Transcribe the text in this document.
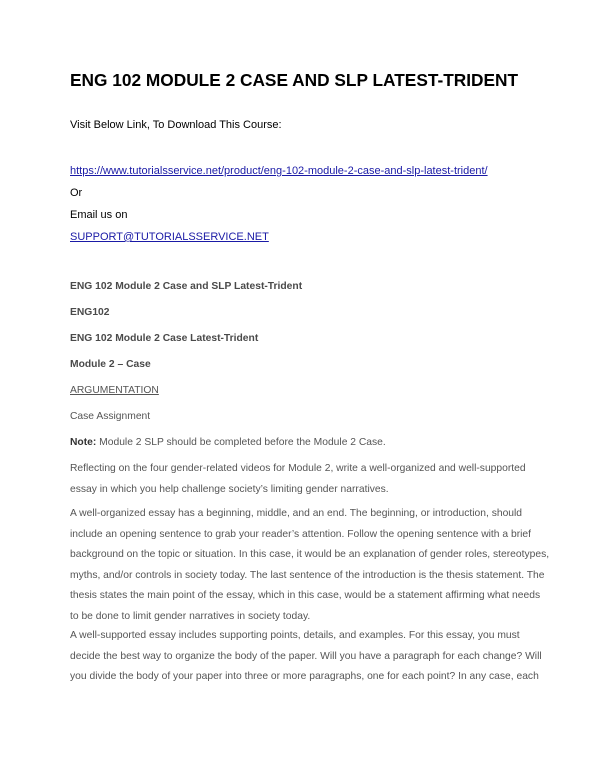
ENG 102 MODULE 2 CASE AND SLP LATEST-TRIDENT

Visit Below Link, To Download This Course:

https://www.tutorialsservice.net/product/eng-102-module-2-case-and-slp-latest-trident/

Or

Email us on

SUPPORT@TUTORIALSSERVICE.NET

ENG 102 Module 2 Case and SLP Latest-Trident

ENG102

ENG 102 Module 2 Case Latest-Trident

Module 2 – Case

ARGUMENTATION

Case Assignment

Note: Module 2 SLP should be completed before the Module 2 Case.

Reflecting on the four gender-related videos for Module 2, write a well-organized and well-supported
essay in which you help challenge society’s limiting gender narratives.
A well-organized essay has a beginning, middle, and an end. The beginning, or introduction, should
include an opening sentence to grab your reader’s attention. Follow the opening sentence with a brief
background on the topic or situation. In this case, it would be an explanation of gender roles, stereotypes,
myths, and/or controls in society today. The last sentence of the introduction is the thesis statement. The
thesis states the main point of the essay, which in this case, would be a statement affirming what needs
to be done to limit gender narratives in society today.
A well-supported essay includes supporting points, details, and examples. For this essay, you must
decide the best way to organize the body of the paper. Will you have a paragraph for each change? Will
you divide the body of your paper into three or more paragraphs, one for each point? In any case, each
